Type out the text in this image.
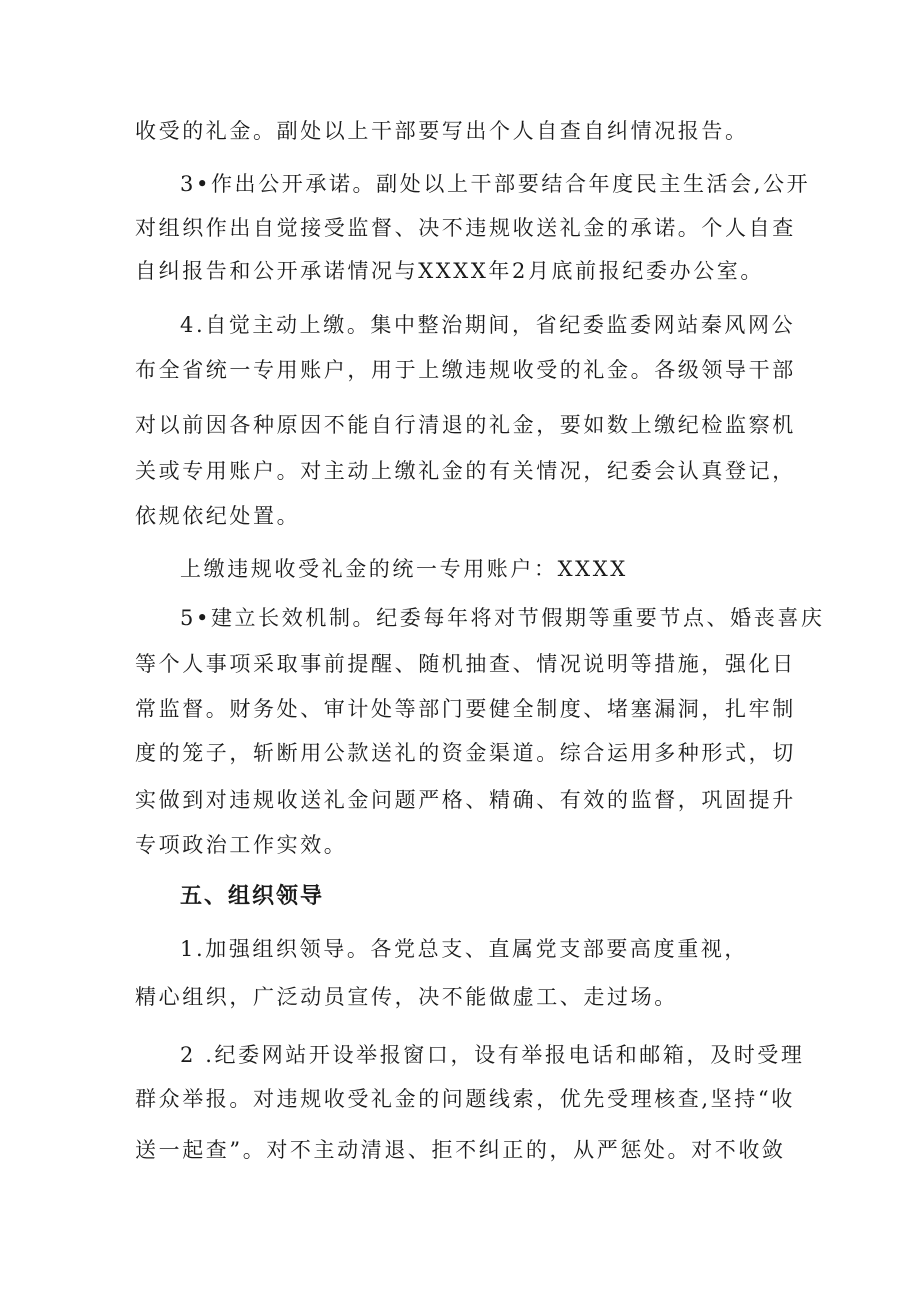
收受的礼金。副处以上干部要写出个人自查自纠情况报告。
3•作出公开承诺。副处以上干部要结合年度民主生活会,公开
对组织作出自觉接受监督、决不违规收送礼金的承诺。个人自查
自纠报告和公开承诺情况与XXXX年2月底前报纪委办公室。
4.自觉主动上缴。集中整治期间，省纪委监委网站秦风网公
布全省统一专用账户，用于上缴违规收受的礼金。各级领导干部
对以前因各种原因不能自行清退的礼金，要如数上缴纪检监察机
关或专用账户。对主动上缴礼金的有关情况，纪委会认真登记，
依规依纪处置。
上缴违规收受礼金的统一专用账户：XXXX
5•建立长效机制。纪委每年将对节假期等重要节点、婚丧喜庆
等个人事项采取事前提醒、随机抽查、情况说明等措施，强化日
常监督。财务处、审计处等部门要健全制度、堵塞漏洞，扎牢制
度的笼子，斩断用公款送礼的资金渠道。综合运用多种形式，切
实做到对违规收送礼金问题严格、精确、有效的监督，巩固提升
专项政治工作实效。
五、组织领导
1.加强组织领导。各党总支、直属党支部要高度重视，
精心组织，广泛动员宣传，决不能做虚工、走过场。
2 .纪委网站开设举报窗口，设有举报电话和邮箱，及时受理
群众举报。对违规收受礼金的问题线索，优先受理核查,坚持“收
送一起查”。对不主动清退、拒不纠正的，从严惩处。对不收敛
